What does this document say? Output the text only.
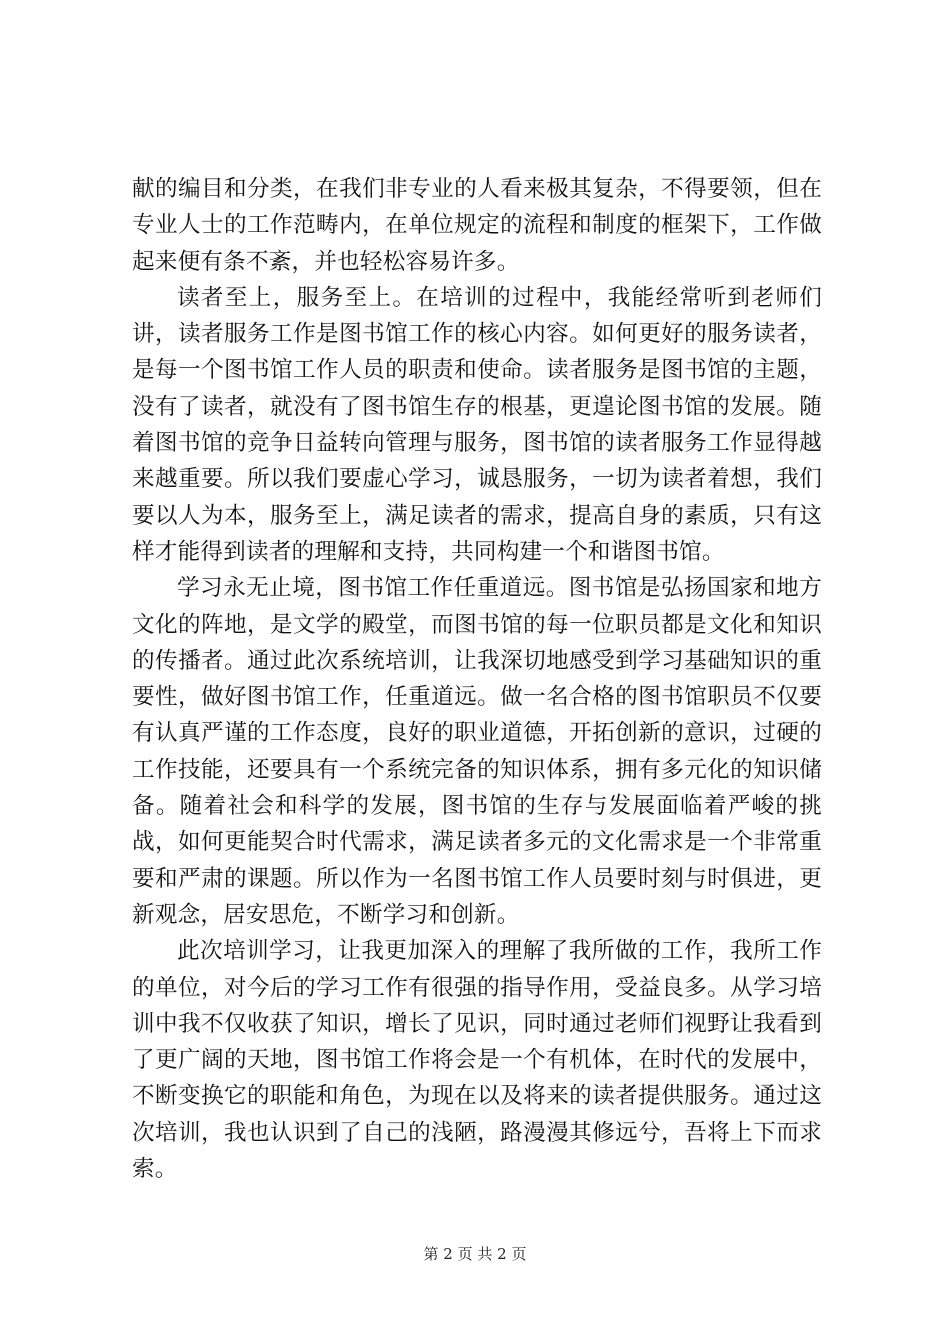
献的编目和分类，在我们非专业的人看来极其复杂，不得要领，但在专业人士的工作范畴内，在单位规定的流程和制度的框架下，工作做起来便有条不紊，并也轻松容易许多。

读者至上，服务至上。在培训的过程中，我能经常听到老师们讲，读者服务工作是图书馆工作的核心内容。如何更好的服务读者，是每一个图书馆工作人员的职责和使命。读者服务是图书馆的主题，没有了读者，就没有了图书馆生存的根基，更遑论图书馆的发展。随着图书馆的竞争日益转向管理与服务，图书馆的读者服务工作显得越来越重要。所以我们要虚心学习，诚恳服务，一切为读者着想，我们要以人为本，服务至上，满足读者的需求，提高自身的素质，只有这样才能得到读者的理解和支持，共同构建一个和谐图书馆。

学习永无止境，图书馆工作任重道远。图书馆是弘扬国家和地方文化的阵地，是文学的殿堂，而图书馆的每一位职员都是文化和知识的传播者。通过此次系统培训，让我深切地感受到学习基础知识的重要性，做好图书馆工作，任重道远。做一名合格的图书馆职员不仅要有认真严谨的工作态度，良好的职业道德，开拓创新的意识，过硬的工作技能，还要具有一个系统完备的知识体系，拥有多元化的知识储备。随着社会和科学的发展，图书馆的生存与发展面临着严峻的挑战，如何更能契合时代需求，满足读者多元的文化需求是一个非常重要和严肃的课题。所以作为一名图书馆工作人员要时刻与时俱进，更新观念，居安思危，不断学习和创新。

此次培训学习，让我更加深入的理解了我所做的工作，我所工作的单位，对今后的学习工作有很强的指导作用，受益良多。从学习培训中我不仅收获了知识，增长了见识，同时通过老师们视野让我看到了更广阔的天地，图书馆工作将会是一个有机体，在时代的发展中，不断变换它的职能和角色，为现在以及将来的读者提供服务。通过这次培训，我也认识到了自己的浅陋，路漫漫其修远兮，吾将上下而求索。

第 2 页 共 2 页
